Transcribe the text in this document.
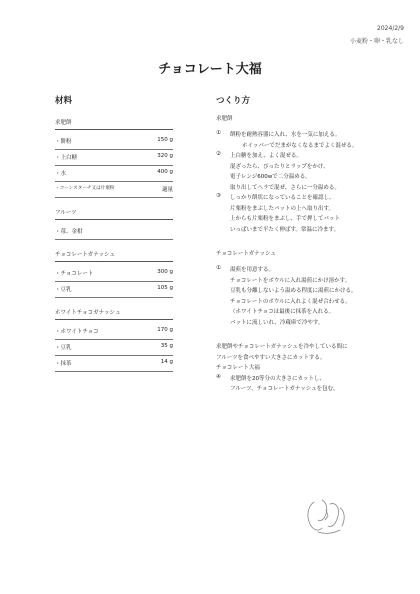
2024/2/9
小麦粉・卵・乳なし
チョコレート大福
材料
求肥餅
・餅粉	150 g
・上白糖	320 g
・水	400 g
・コーンスターチ又は片栗粉	適量
フルーツ
・苺、金柑
チョコレートガナッシュ
・チョコレート	300 g
・豆乳	105 g
ホワイトチョコガナッシュ
・ホワイトチョコ	170 g
・豆乳	35 g
・抹茶	14 g
つくり方
求肥餅
① 餅粉を耐熱容器に入れ、水を一気に加える。
ホイッパーでだまがなくなるまでよく混ぜる。
② 上白糖を加え、よく混ぜる。
混ざったら、ぴったりとラップをかけ、
電子レンジ600wで二分温める。
取り出してヘラで混ぜ、さらに一分温める。
③ しっかり餅状になっていることを確認し、
片栗粉をまぶしたバットの上へ取り出す。
上からも片栗粉をまぶし、手で押してバット
いっぱいまで平たく伸ばす。常温に冷ます。
チョコレートガナッシュ
① 湯煎を用意する。
チョコレートをボウルに入れ湯煎にかけ溶かす。
豆乳も分離しないよう温める程度に湯煎にかける。
チョコレートのボウルに入れよく混ぜ合わせる。
（ホワイトチョコは最後に抹茶を入れる。
バットに流しいれ、冷蔵庫で冷やす。
求肥餅やチョコレートガナッシュを冷やしている間に
フルーツを食べやすい大きさにカットする。
チョコレート大福
④ 求肥餅を20等分の大きさにカットし、
フルーツ、チョコレートガナッシュを包む。
